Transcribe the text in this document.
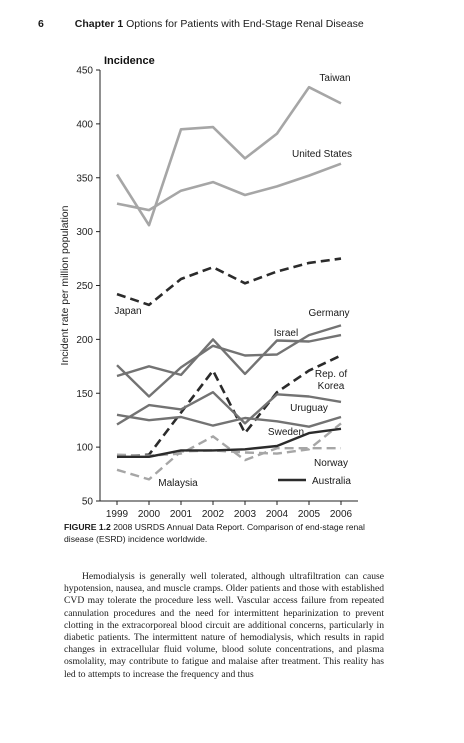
6	Chapter 1 Options for Patients with End-Stage Renal Disease
50
100
150
200
250
300
350
400
450
1999 2000 2001 2002 2003 2004 2005 2006
Incidence
Incident rate per million population
Taiwan
United States
Japan	Germany
Israel
Rep. of Korea
Uruguay
Sweden
Norway
Malaysia	Australia
FIGURE 1.2 2008 USRDS Annual Data Report. Comparison of end-stage renal disease (ESRD) incidence worldwide.

Hemodialysis is generally well tolerated, although ultrafiltration can cause hypotension, nausea, and muscle cramps. Older patients and those with established CVD may tolerate the procedure less well. Vascular access failure from repeated cannulation procedures and the need for intermittent heparinization to prevent clotting in the extracorporeal blood circuit are additional concerns, particularly in diabetic patients. The intermittent nature of hemodialysis, which results in rapid changes in extracellular fluid volume, blood solute concentrations, and plasma osmolality, may contribute to fatigue and malaise after treatment. This reality has led to attempts to increase the frequency and thus
